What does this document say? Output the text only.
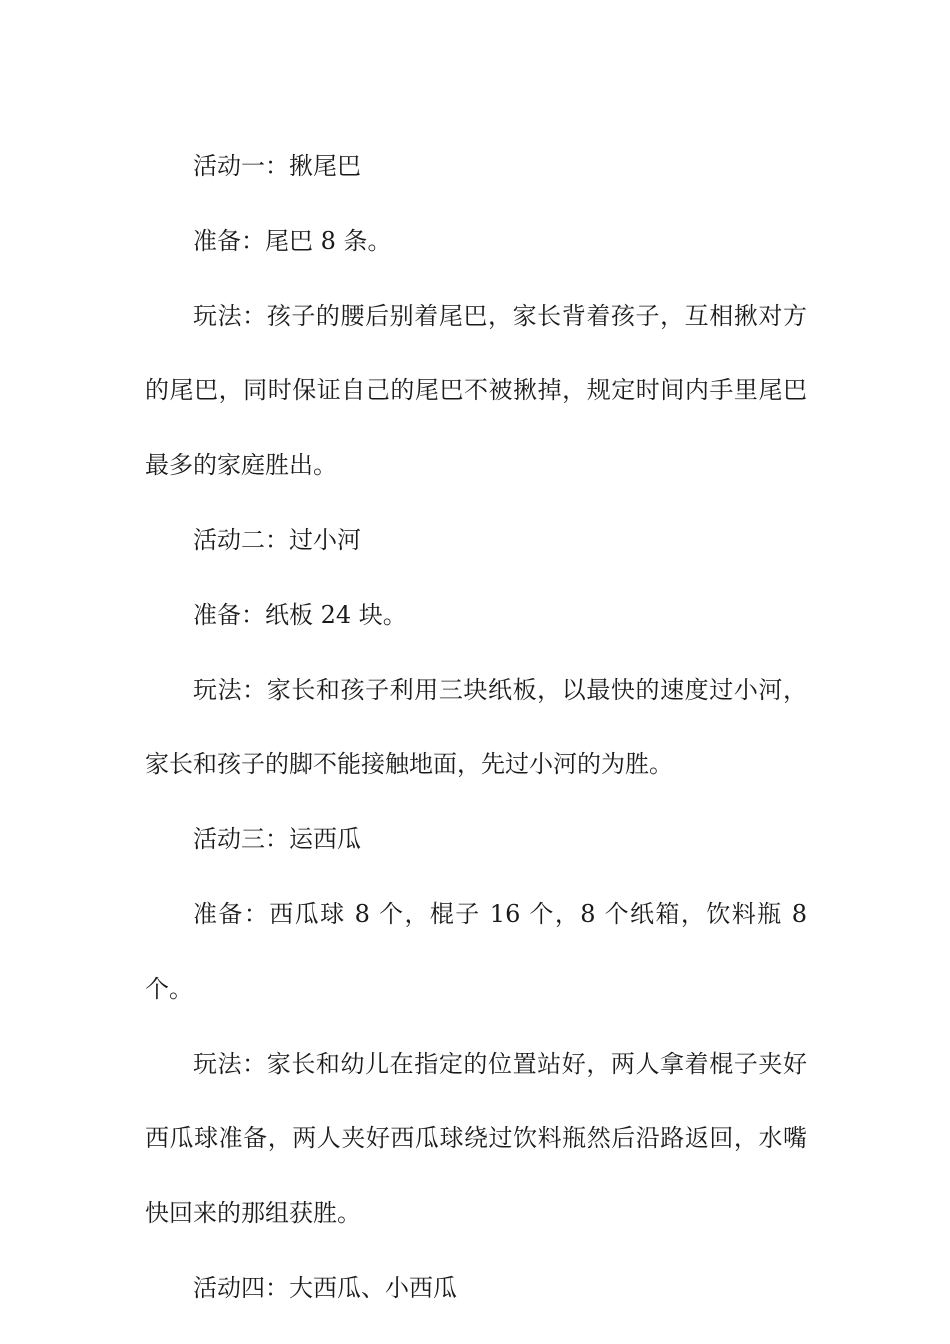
活动一：揪尾巴

准备：尾巴 8 条。

玩法：孩子的腰后别着尾巴，家长背着孩子，互相揪对方的尾巴，同时保证自己的尾巴不被揪掉，规定时间内手里尾巴最多的家庭胜出。

活动二：过小河

准备：纸板 24 块。

玩法：家长和孩子利用三块纸板，以最快的速度过小河，家长和孩子的脚不能接触地面，先过小河的为胜。

活动三：运西瓜

准备：西瓜球 8 个，棍子 16 个，8 个纸箱，饮料瓶 8 个。

玩法：家长和幼儿在指定的位置站好，两人拿着棍子夹好西瓜球准备，两人夹好西瓜球绕过饮料瓶然后沿路返回，水嘴快回来的那组获胜。

活动四：大西瓜、小西瓜
